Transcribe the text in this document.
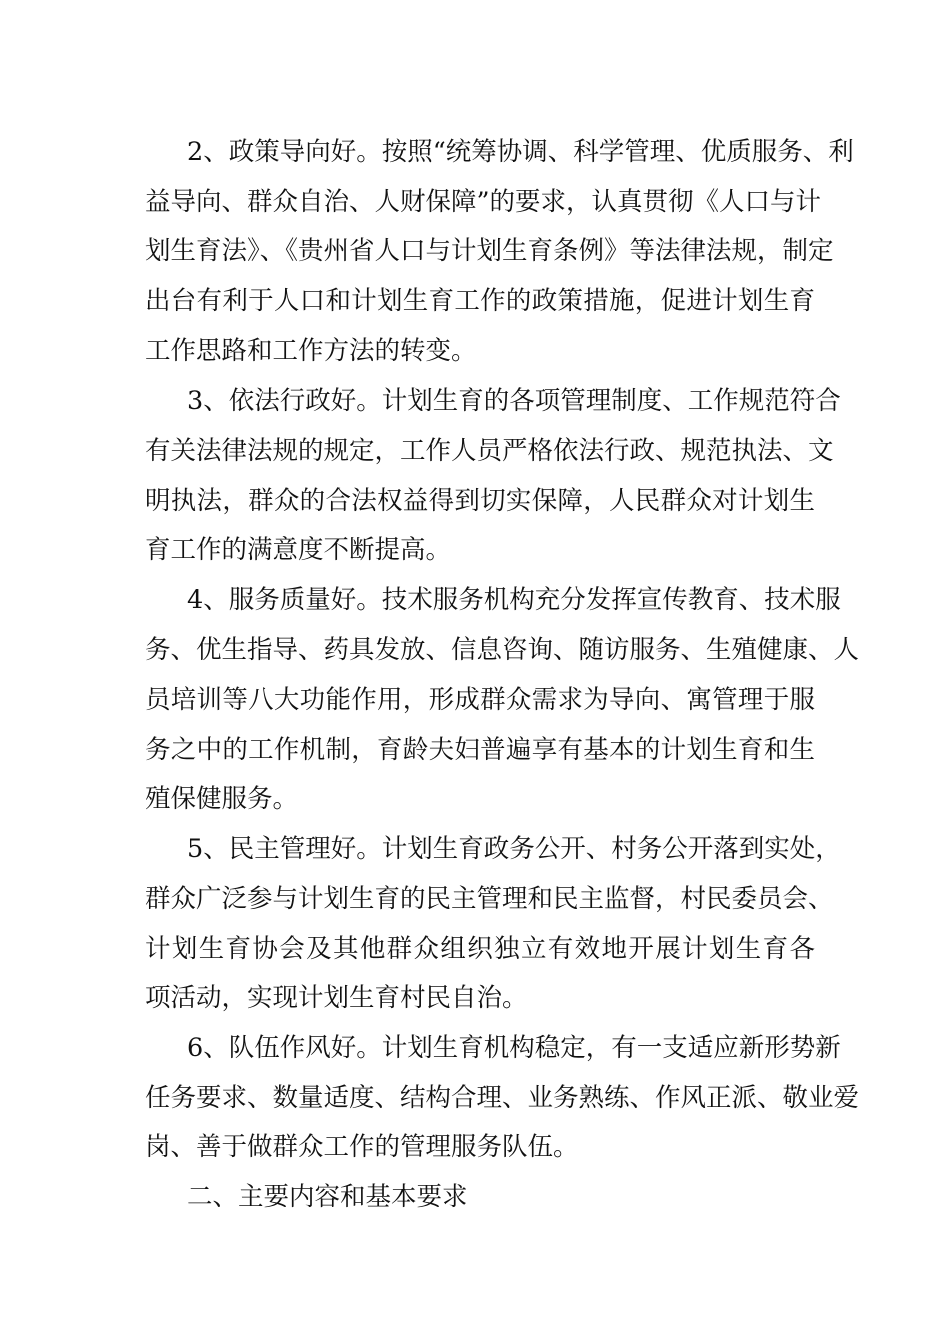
2、政策导向好。按照“统筹协调、科学管理、优质服务、利
益导向、群众自治、人财保障”的要求，认真贯彻《人口与计
划生育法》、《贵州省人口与计划生育条例》等法律法规，制定
出台有利于人口和计划生育工作的政策措施，促进计划生育
工作思路和工作方法的转变。
3、依法行政好。计划生育的各项管理制度、工作规范符合
有关法律法规的规定，工作人员严格依法行政、规范执法、文
明执法，群众的合法权益得到切实保障，人民群众对计划生
育工作的满意度不断提高。
4、服务质量好。技术服务机构充分发挥宣传教育、技术服
务、优生指导、药具发放、信息咨询、随访服务、生殖健康、人
员培训等八大功能作用，形成群众需求为导向、寓管理于服
务之中的工作机制，育龄夫妇普遍享有基本的计划生育和生
殖保健服务。
5、民主管理好。计划生育政务公开、村务公开落到实处，
群众广泛参与计划生育的民主管理和民主监督，村民委员会、
计划生育协会及其他群众组织独立有效地开展计划生育各
项活动，实现计划生育村民自治。
6、队伍作风好。计划生育机构稳定，有一支适应新形势新
任务要求、数量适度、结构合理、业务熟练、作风正派、敬业爱
岗、善于做群众工作的管理服务队伍。
二、主要内容和基本要求
